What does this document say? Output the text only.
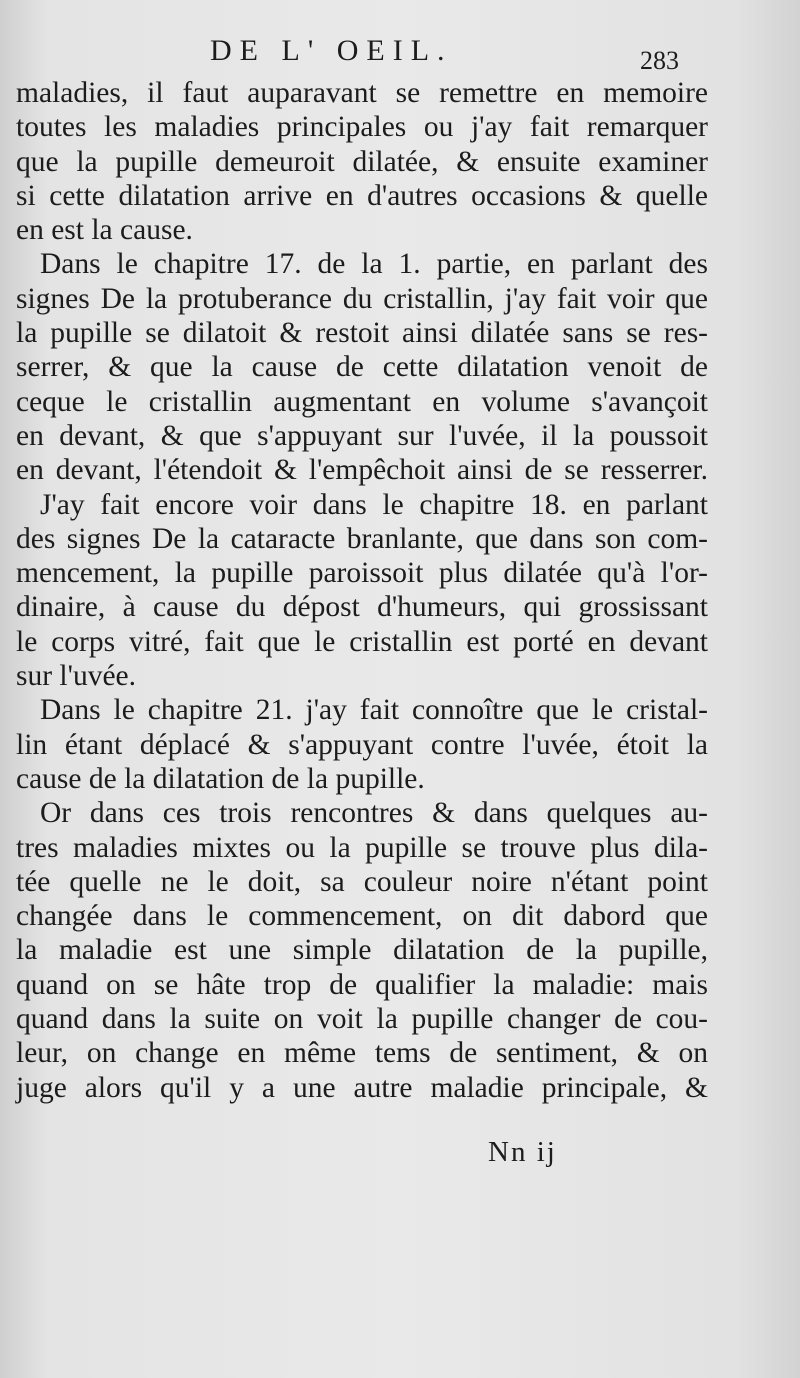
DE L' OEIL.	283

maladies, il faut auparavant se remettre en memoire
toutes les maladies principales ou j'ay fait remarquer
que la pupille demeuroit dilatée, & ensuite examiner
si cette dilatation arrive en d'autres occasions & quelle
en est la cause.

Dans le chapitre 17. de la 1. partie, en parlant des
signes De la protuberance du cristallin, j'ay fait voir que
la pupille se dilatoit & restoit ainsi dilatée sans se res-
serrer, & que la cause de cette dilatation venoit de
ceque le cristallin augmentant en volume s'avançoit
en devant, & que s'appuyant sur l'uvée, il la poussoit
en devant, l'étendoit & l'empêchoit ainsi de se resserrer.

J'ay fait encore voir dans le chapitre 18. en parlant
des signes De la cataracte branlante, que dans son com-
mencement, la pupille paroissoit plus dilatée qu'à l'or-
dinaire, à cause du dépost d'humeurs, qui grossissant
le corps vitré, fait que le cristallin est porté en devant
sur l'uvée.

Dans le chapitre 21. j'ay fait connoître que le cristal-
lin étant déplacé & s'appuyant contre l'uvée, étoit la
cause de la dilatation de la pupille.

Or dans ces trois rencontres & dans quelques au-
tres maladies mixtes ou la pupille se trouve plus dila-
tée quelle ne le doit, sa couleur noire n'étant point
changée dans le commencement, on dit dabord que
la maladie est une simple dilatation de la pupille,
quand on se hâte trop de qualifier la maladie: mais
quand dans la suite on voit la pupille changer de cou-
leur, on change en même tems de sentiment, & on
juge alors qu'il y a une autre maladie principale, &

Nn ij
